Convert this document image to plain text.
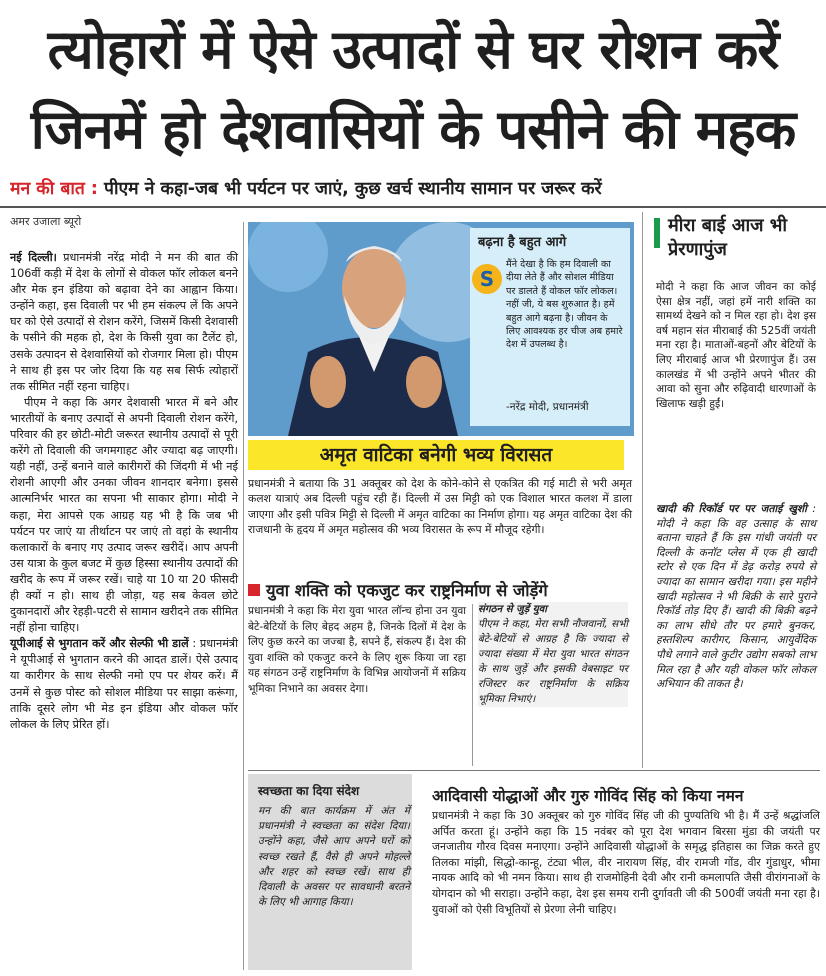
त्योहारों में ऐसे उत्पादों से घर रोशन करें
जिनमें हो देशवासियों के पसीने की महक
मन की बात : पीएम ने कहा-जब भी पर्यटन पर जाएं, कुछ खर्च स्थानीय सामान पर जरूर करें
अमर उजाला ब्यूरो

नई दिल्ली। प्रधानमंत्री नरेंद्र मोदी ने मन की बात की 106वीं कड़ी में देश के लोगों से वोकल फॉर लोकल बनने और मेक इन इंडिया को बढ़ावा देने का आह्वान किया। उन्होंने कहा, इस दिवाली पर भी हम संकल्प लें कि अपने घर को ऐसे उत्पादों से रोशन करेंगे, जिसमें किसी देशवासी के पसीने की महक हो, देश के किसी युवा का टैलेंट हो, उसके उत्पादन से देशवासियों को रोजगार मिला हो। पीएम ने साथ ही इस पर जोर दिया कि यह सब सिर्फ त्योहारों तक सीमित नहीं रहना चाहिए।

पीएम ने कहा कि अगर देशवासी भारत में बने और भारतीयों के बनाए उत्पादों से अपनी दिवाली रोशन करेंगे, परिवार की हर छोटी-मोटी जरूरत स्थानीय उत्पादों से पूरी करेंगे तो दिवाली की जगमगाहट और ज्यादा बढ़ जाएगी। यही नहीं, उन्हें बनाने वाले कारीगरों की जिंदगी में भी नई रोशनी आएगी और उनका जीवन शानदार बनेगा। इससे आत्मनिर्भर भारत का सपना भी साकार होगा। मोदी ने कहा, मेरा आपसे एक आग्रह यह भी है कि जब भी पर्यटन पर जाएं या तीर्थाटन पर जाएं तो वहां के स्थानीय कलाकारों के बनाए गए उत्पाद जरूर खरीदें। आप अपनी उस यात्रा के कुल बजट में कुछ हिस्सा स्थानीय उत्पादों की खरीद के रूप में जरूर रखें। चाहे या 10 या 20 फीसदी ही क्यों न हो। साथ ही जोड़ा, यह सब केवल छोटे दुकानदारों और रेहड़ी-पटरी से सामान खरीदने तक सीमित नहीं होना चाहिए।

यूपीआई से भुगतान करें और सेल्फी भी डालें : प्रधानमंत्री ने यूपीआई से भुगतान करने की आदत डालें। ऐसे उत्पाद या कारीगर के साथ सेल्फी नमो एप पर शेयर करें। मैं उनमें से कुछ पोस्ट को सोशल मीडिया पर साझा करूंगा, ताकि दूसरे लोग भी मेड इन इंडिया और वोकल फॉर लोकल के लिए प्रेरित हों।

बढ़ना है बहुत आगे
S
मैंने देखा है कि हम दिवाली का दीया लेते हैं और सोशल मीडिया पर डालते हैं वोकल फॉर लोकल। नहीं जी, ये बस शुरुआत है। हमें बहुत आगे बढ़ना है। जीवन के लिए आवश्यक हर चीज अब हमारे देश में उपलब्ध है।
-नरेंद्र मोदी, प्रधानमंत्री
अमृत वाटिका बनेगी भव्य विरासत
प्रधानमंत्री ने बताया कि 31 अक्तूबर को देश के कोने-कोने से एकत्रित की गई माटी से भरी अमृत कलश यात्राएं अब दिल्ली पहुंच रही हैं। दिल्ली में उस मिट्टी को एक विशाल भारत कलश में डाला जाएगा और इसी पवित्र मिट्टी से दिल्ली में अमृत वाटिका का निर्माण होगा। यह अमृत वाटिका देश की राजधानी के हृदय में अमृत महोत्सव की भव्य विरासत के रूप में मौजूद रहेगी।
युवा शक्ति को एकजुट कर राष्ट्रनिर्माण से जोड़ेंगे
प्रधानमंत्री ने कहा कि मेरा युवा भारत लॉन्च होना उन युवा बेटे-बेटियों के लिए बेहद अहम है, जिनके दिलों में देश के लिए कुछ करने का जज्बा है, सपने हैं, संकल्प हैं। देश की युवा शक्ति को एकजुट करने के लिए शुरू किया जा रहा यह संगठन उन्हें राष्ट्रनिर्माण के विभिन्न आयोजनों में सक्रिय भूमिका निभाने का अवसर देगा।
संगठन से जुड़ें युवा
पीएम ने कहा, मेरा सभी नौजवानों, सभी बेटे-बेटियों से आग्रह है कि ज्यादा से ज्यादा संख्या में मेरा युवा भारत संगठन के साथ जुड़ें और इसकी वेबसाइट पर रजिस्टर कर राष्ट्रनिर्माण के सक्रिय भूमिका निभाएं।
मीरा बाई आज भी प्रेरणापुंज
मोदी ने कहा कि आज जीवन का कोई ऐसा क्षेत्र नहीं, जहां हमें नारी शक्ति का सामर्थ्य देखने को न मिल रहा हो। देश इस वर्ष महान संत मीराबाई की 525वीं जयंती मना रहा है। माताओं-बहनों और बेटियों के लिए मीराबाई आज भी प्रेरणापुंज हैं। उस कालखंड में भी उन्होंने अपने भीतर की आवा को सुना और रुढ़िवादी धारणाओं के खिलाफ खड़ी हुईं।
खादी की रिकॉर्ड पर पर जताई खुशी : मोदी ने कहा कि वह उत्साह के साथ बताना चाहते हैं कि इस गांधी जयंती पर दिल्ली के कनॉट प्लेस में एक ही खादी स्टोर से एक दिन में डेढ़ करोड़ रुपये से ज्यादा का सामान खरीदा गया। इस महीने खादी महोत्सव ने भी बिक्री के सारे पुराने रिकॉर्ड तोड़ दिए हैं। खादी की बिक्री बढ़ने का लाभ सीधे तौर पर हमारे बुनकर, हस्तशिल्प कारीगर, किसान, आयुर्वेदिक पौधे लगाने वाले कुटीर उद्योग सबको लाभ मिल रहा है और यही वोकल फॉर लोकल अभियान की ताकत है।
स्वच्छता का दिया संदेश
मन की बात कार्यक्रम में अंत में प्रधानमंत्री ने स्वच्छता का संदेश दिया। उन्होंने कहा, जैसे आप अपने घरों को स्वच्छ रखते हैं, वैसे ही अपने मोहल्ले और शहर को स्वच्छ रखें। साथ ही दिवाली के अवसर पर सावधानी बरतने के लिए भी आगाह किया।
आदिवासी योद्धाओं और गुरु गोविंद सिंह को किया नमन
प्रधानमंत्री ने कहा कि 30 अक्तूबर को गुरु गोविंद सिंह जी की पुण्यतिथि भी है। मैं उन्हें श्रद्धांजलि अर्पित करता हूं। उन्होंने कहा कि 15 नवंबर को पूरा देश भगवान बिरसा मुंडा की जयंती पर जनजातीय गौरव दिवस मनाएगा। उन्होंने आदिवासी योद्धाओं के समृद्ध इतिहास का जिक्र करते हुए तिलका मांझी, सिद्धो-कान्हू, टंट्या भील, वीर नारायण सिंह, वीर रामजी गोंड, वीर गुंडाधुर, भीमा नायक आदि को भी नमन किया। साथ ही राजमोहिनी देवी और रानी कमलापति जैसी वीरांगनाओं के योगदान को भी सराहा। उन्होंने कहा, देश इस समय रानी दुर्गावती जी की 500वीं जयंती मना रहा है। युवाओं को ऐसी विभूतियों से प्रेरणा लेनी चाहिए।
